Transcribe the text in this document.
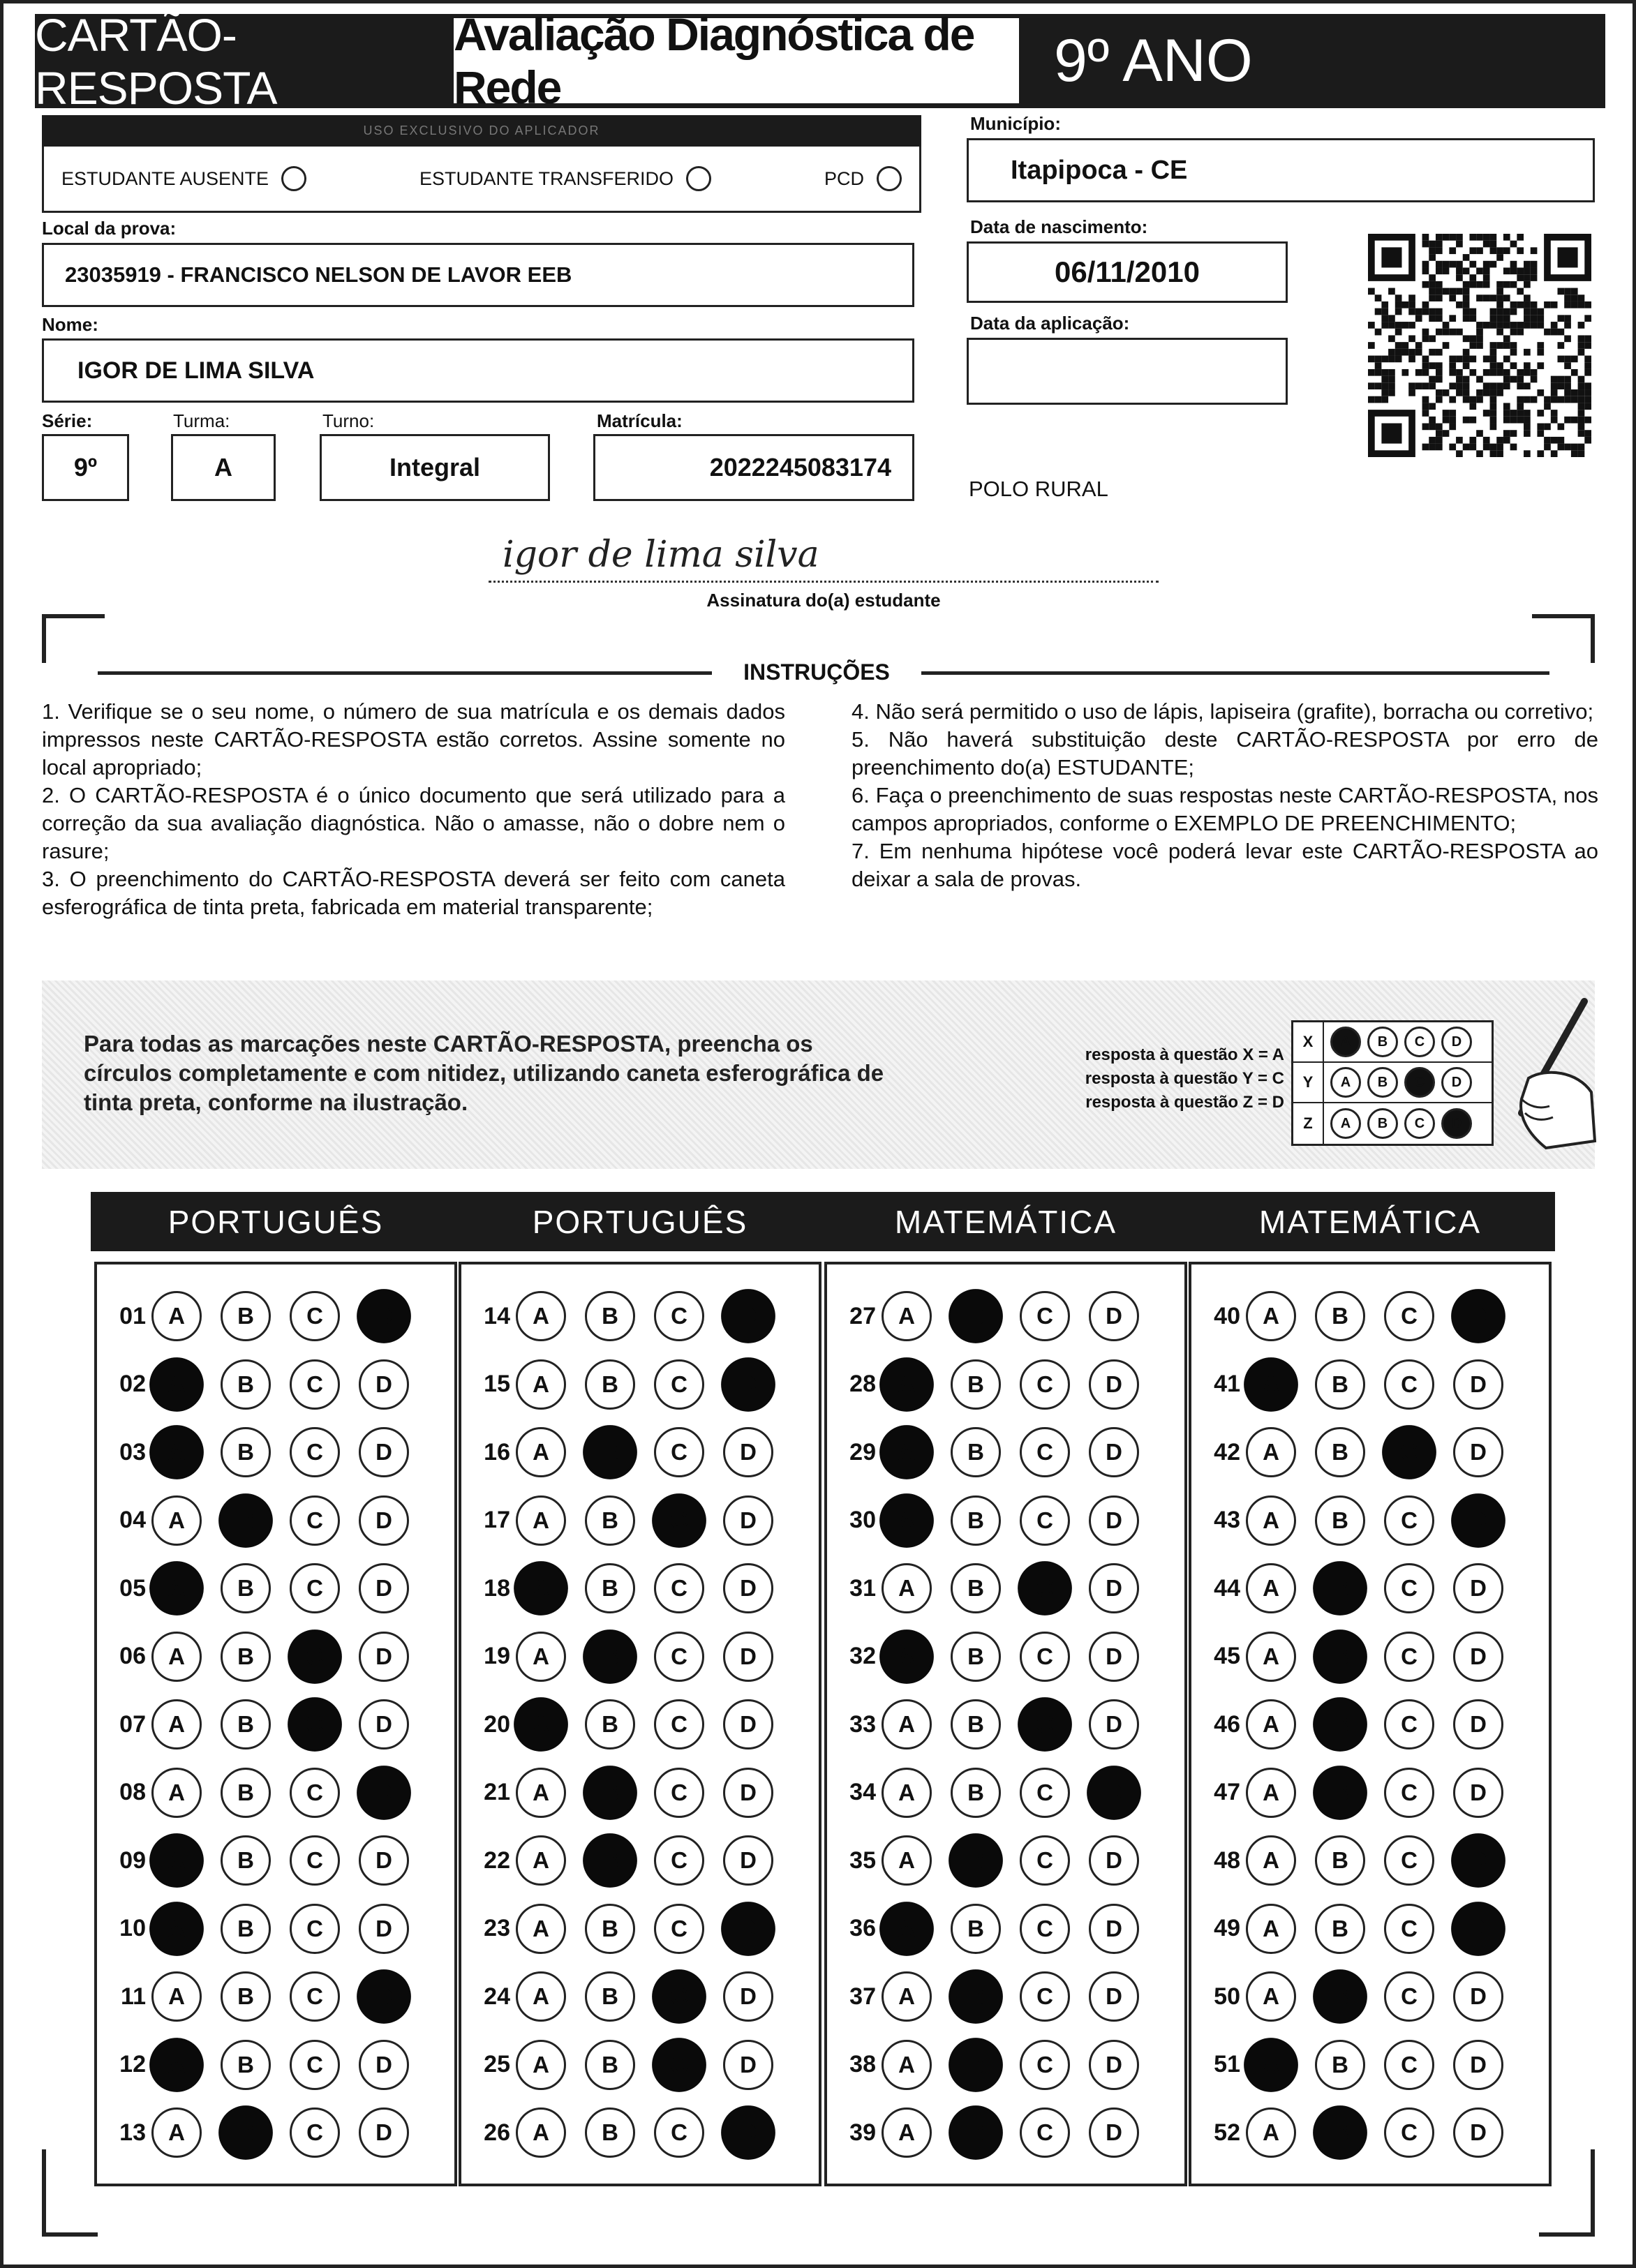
CARTÃO-RESPOSTA
Avaliação Diagnóstica de Rede	9º ANO
USO EXCLUSIVO DO APLICADOR
ESTUDANTE AUSENTE	ESTUDANTE TRANSFERIDO	PCD
Local da prova:
23035919 - FRANCISCO NELSON DE LAVOR EEB
Nome:
IGOR DE LIMA SILVA
Série:
9º
Turma:
A
Turno:
Integral
Matrícula:
2022245083174
Município:
Itapipoca - CE
Data de nascimento:
06/11/2010
Data da aplicação:
POLO RURAL
igor de lima silva
Assinatura do(a) estudante
INSTRUÇÕES
1. Verifique se o seu nome, o número de sua matrícula e os demais dados impressos neste CARTÃO-RESPOSTA estão corretos. Assine somente no local apropriado;
2. O CARTÃO-RESPOSTA é o único documento que será utilizado para a correção da sua avaliação diagnóstica. Não o amasse, não o dobre nem o rasure;
3. O preenchimento do CARTÃO-RESPOSTA deverá ser feito com caneta esferográfica de tinta preta, fabricada em material transparente;
4. Não será permitido o uso de lápis, lapiseira (grafite), borracha ou corretivo;
5. Não haverá substituição deste CARTÃO-RESPOSTA por erro de preenchimento do(a) ESTUDANTE;
6. Faça o preenchimento de suas respostas neste CARTÃO-RESPOSTA, nos campos apropriados, conforme o EXEMPLO DE PREENCHIMENTO;
7. Em nenhuma hipótese você poderá levar este CARTÃO-RESPOSTA ao deixar a sala de provas.
Para todas as marcações neste CARTÃO-RESPOSTA, preencha os círculos completamente e com nitidez, utilizando caneta esferográfica de tinta preta, conforme na ilustração.
resposta à questão X = A
resposta à questão Y = C
resposta à questão Z = D
X	A	B	C	D
Y	A	B	C	D
Z	A	B	C	D
PORTUGUÊS
01 A	B	C	D
02 A	B	C	D
03 A	B	C	D
04 A	B	C	D
05 A	B	C	D
06 A	B	C	D
07 A	B	C	D
08 A	B	C	D
09 A	B	C	D
10 A	B	C	D
11 A	B	C	D
12 A	B	C	D
13 A	B	C	D
PORTUGUÊS
14 A	B	C	D
15 A	B	C	D
16 A	B	C	D
17 A	B	C	D
18 A	B	C	D
19 A	B	C	D
20 A	B	C	D
21 A	B	C	D
22 A	B	C	D
23 A	B	C	D
24 A	B	C	D
25 A	B	C	D
26 A	B	C	D
MATEMÁTICA
27 A	B	C	D
28 A	B	C	D
29 A	B	C	D
30 A	B	C	D
31 A	B	C	D
32 A	B	C	D
33 A	B	C	D
34 A	B	C	D
35 A	B	C	D
36 A	B	C	D
37 A	B	C	D
38 A	B	C	D
39 A	B	C	D
MATEMÁTICA
40 A	B	C	D
41 A	B	C	D
42 A	B	C	D
43 A	B	C	D
44 A	B	C	D
45 A	B	C	D
46 A	B	C	D
47 A	B	C	D
48 A	B	C	D
49 A	B	C	D
50 A	B	C	D
51 A	B	C	D
52 A	B	C	D
